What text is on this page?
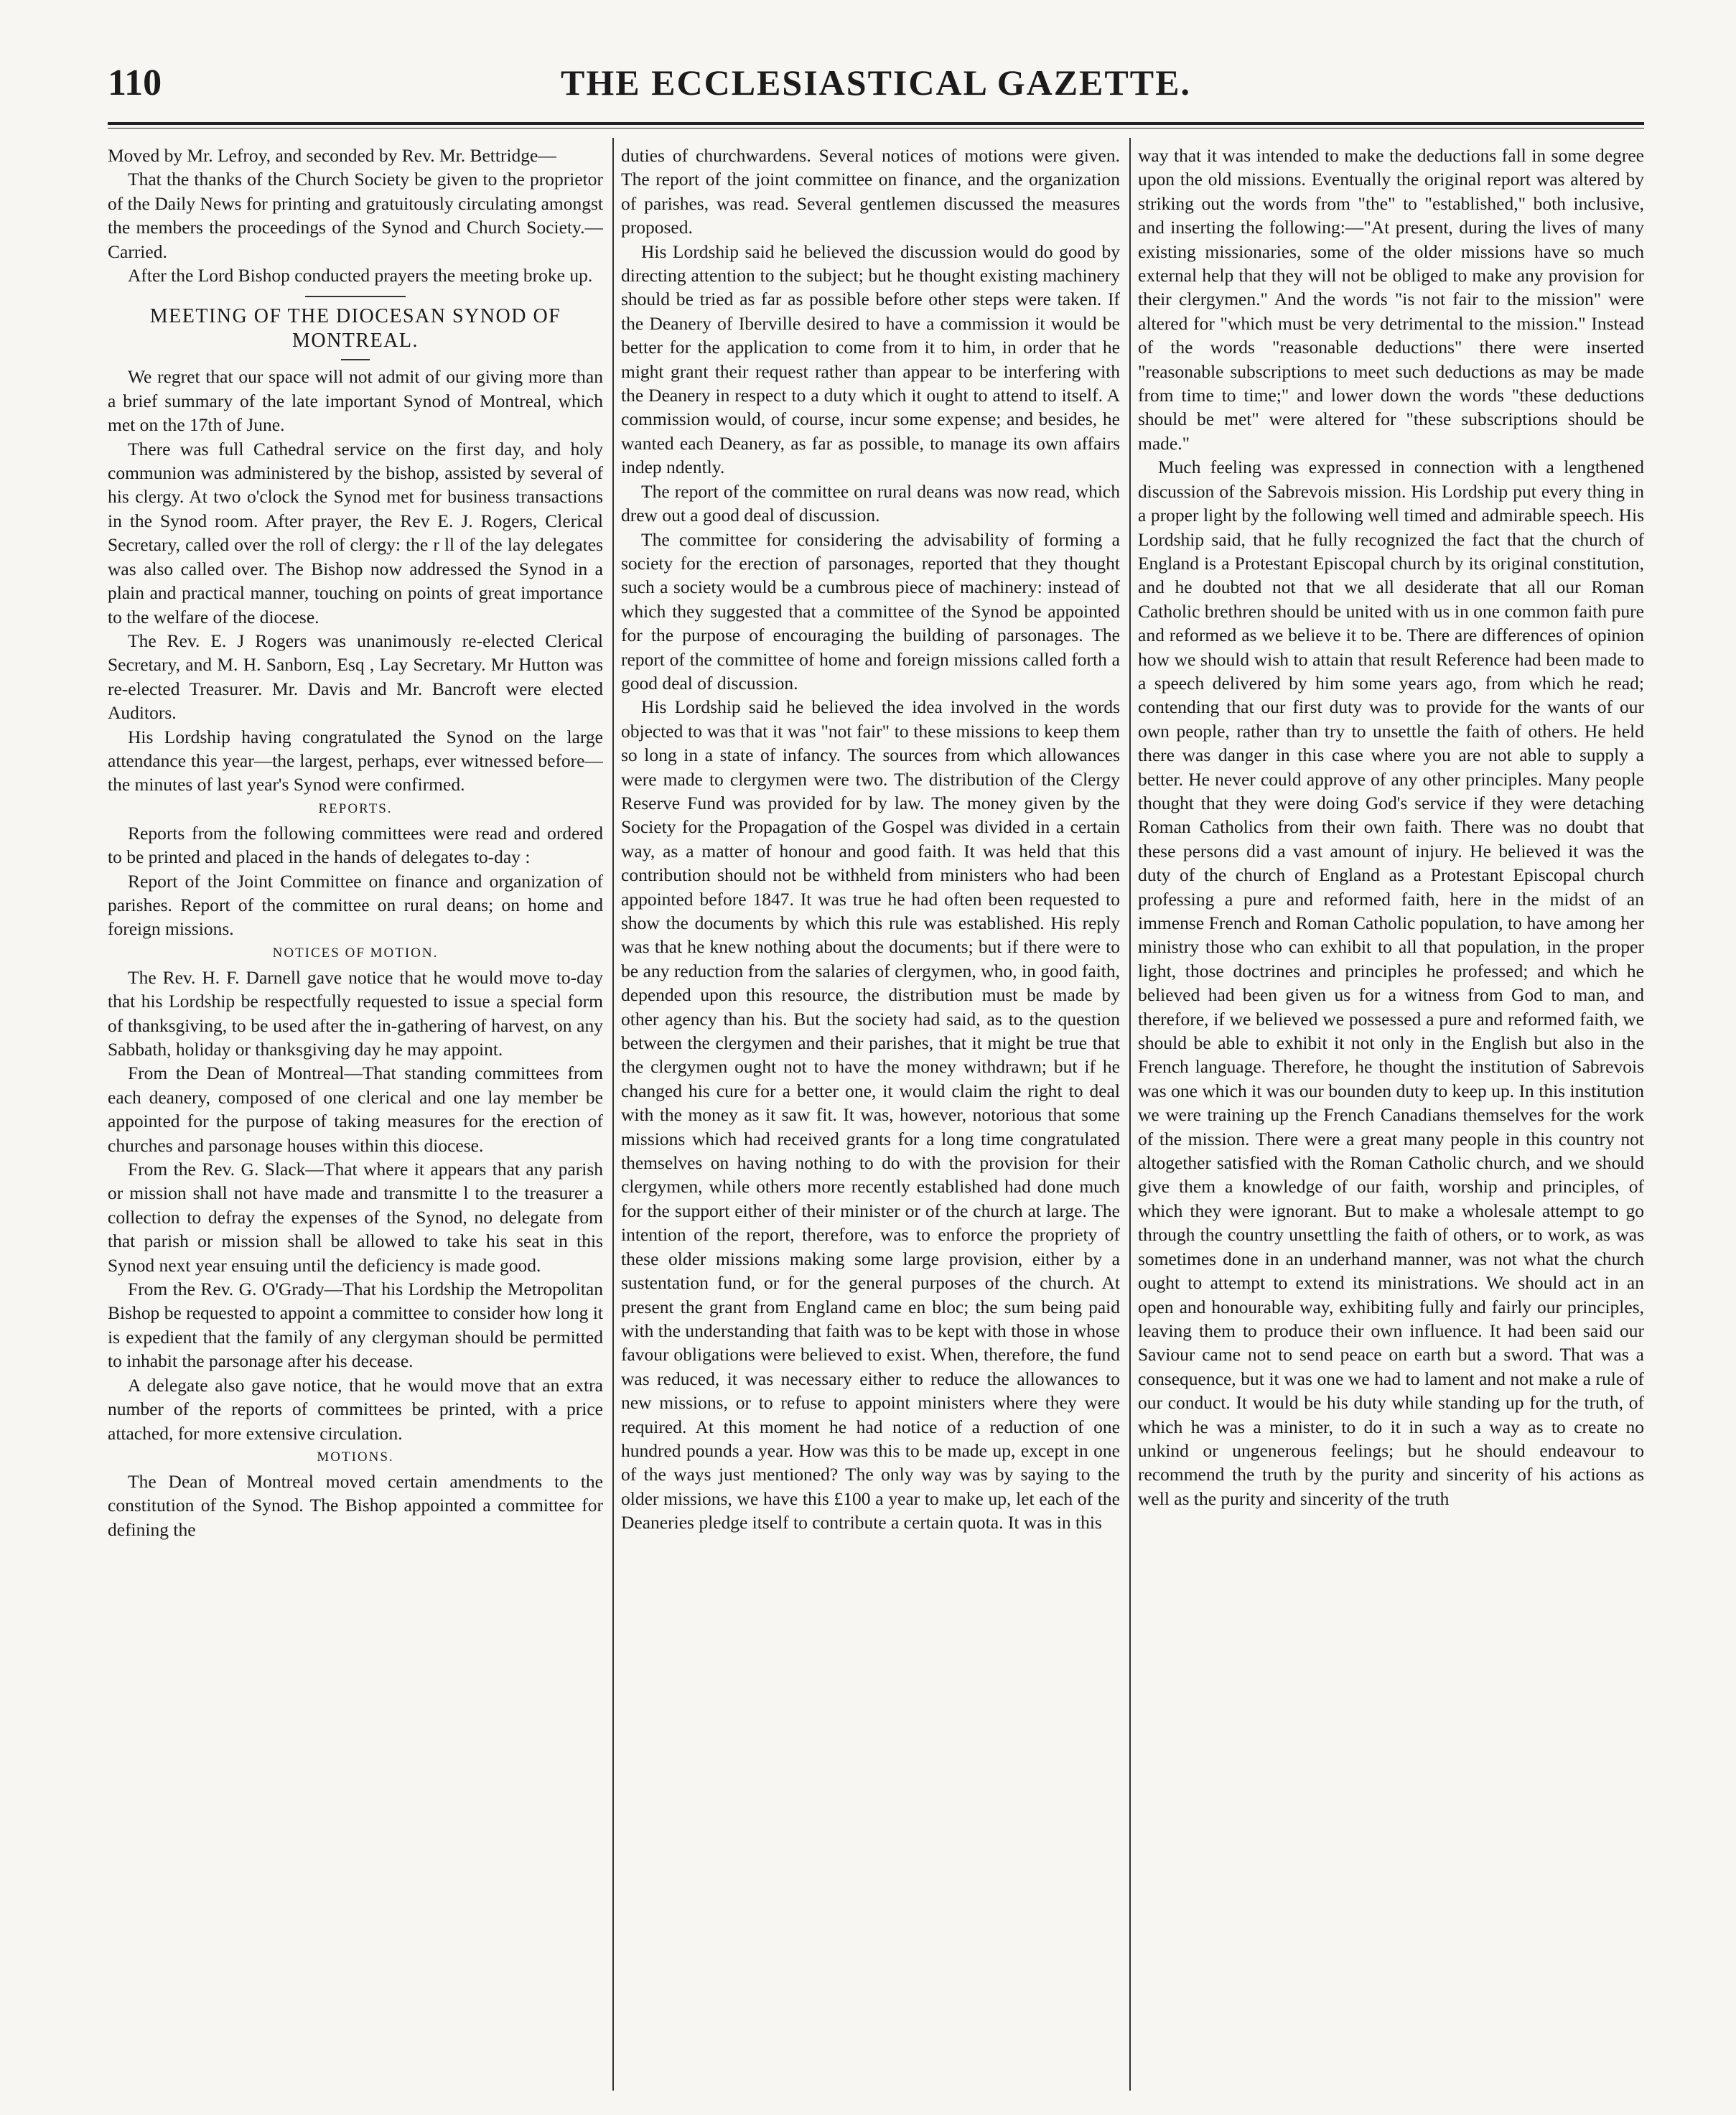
110	THE ECCLESIASTICAL GAZETTE.

Moved by Mr. Lefroy, and seconded by Rev. Mr. Bettridge—

That the thanks of the Church Society be given to the proprietor of the Daily News for printing and gratuitously circulating amongst the members the proceedings of the Synod and Church Society.—Carried.

After the Lord Bishop conducted prayers the meeting broke up.

MEETING OF THE DIOCESAN SYNOD OF MONTREAL.

We regret that our space will not admit of our giving more than a brief summary of the late important Synod of Montreal, which met on the 17th of June.

There was full Cathedral service on the first day, and holy communion was administered by the bishop, assisted by several of his clergy. At two o'clock the Synod met for business transactions in the Synod room. After prayer, the Rev E. J. Rogers, Clerical Secretary, called over the roll of clergy: the r ll of the lay delegates was also called over. The Bishop now addressed the Synod in a plain and practical manner, touching on points of great importance to the welfare of the diocese.

The Rev. E. J Rogers was unanimously re-elected Clerical Secretary, and M. H. Sanborn, Esq , Lay Secretary. Mr Hutton was re-elected Treasurer. Mr. Davis and Mr. Bancroft were elected Auditors.

His Lordship having congratulated the Synod on the large attendance this year—the largest, perhaps, ever witnessed before—the minutes of last year's Synod were confirmed.

REPORTS.

Reports from the following committees were read and ordered to be printed and placed in the hands of delegates to-day :

Report of the Joint Committee on finance and organization of parishes. Report of the committee on rural deans; on home and foreign missions.

NOTICES OF MOTION.

The Rev. H. F. Darnell gave notice that he would move to-day that his Lordship be respectfully requested to issue a special form of thanksgiving, to be used after the in-gathering of harvest, on any Sabbath, holiday or thanksgiving day he may appoint.

From the Dean of Montreal—That standing committees from each deanery, composed of one clerical and one lay member be appointed for the purpose of taking measures for the erection of churches and parsonage houses within this diocese.

From the Rev. G. Slack—That where it appears that any parish or mission shall not have made and transmitte l to the treasurer a collection to defray the expenses of the Synod, no delegate from that parish or mission shall be allowed to take his seat in this Synod next year ensuing until the deficiency is made good.

From the Rev. G. O'Grady—That his Lordship the Metropolitan Bishop be requested to appoint a committee to consider how long it is expedient that the family of any clergyman should be permitted to inhabit the parsonage after his decease.

A delegate also gave notice, that he would move that an extra number of the reports of committees be printed, with a price attached, for more extensive circulation.

MOTIONS.

The Dean of Montreal moved certain amendments to the constitution of the Synod. The Bishop appointed a committee for defining the

duties of churchwardens. Several notices of motions were given. The report of the joint committee on finance, and the organization of parishes, was read. Several gentlemen discussed the measures proposed.

His Lordship said he believed the discussion would do good by directing attention to the subject; but he thought existing machinery should be tried as far as possible before other steps were taken. If the Deanery of Iberville desired to have a commission it would be better for the application to come from it to him, in order that he might grant their request rather than appear to be interfering with the Deanery in respect to a duty which it ought to attend to itself. A commission would, of course, incur some expense; and besides, he wanted each Deanery, as far as possible, to manage its own affairs indep ndently.

The report of the committee on rural deans was now read, which drew out a good deal of discussion.

The committee for considering the advisability of forming a society for the erection of parsonages, reported that they thought such a society would be a cumbrous piece of machinery: instead of which they suggested that a committee of the Synod be appointed for the purpose of encouraging the building of parsonages. The report of the committee of home and foreign missions called forth a good deal of discussion.

His Lordship said he believed the idea involved in the words objected to was that it was "not fair" to these missions to keep them so long in a state of infancy. The sources from which allowances were made to clergymen were two. The distribution of the Clergy Reserve Fund was provided for by law. The money given by the Society for the Propagation of the Gospel was divided in a certain way, as a matter of honour and good faith. It was held that this contribution should not be withheld from ministers who had been appointed before 1847. It was true he had often been requested to show the documents by which this rule was established. His reply was that he knew nothing about the documents; but if there were to be any reduction from the salaries of clergymen, who, in good faith, depended upon this resource, the distribution must be made by other agency than his. But the society had said, as to the question between the clergymen and their parishes, that it might be true that the clergymen ought not to have the money withdrawn; but if he changed his cure for a better one, it would claim the right to deal with the money as it saw fit. It was, however, notorious that some missions which had received grants for a long time congratulated themselves on having nothing to do with the provision for their clergymen, while others more recently established had done much for the support either of their minister or of the church at large. The intention of the report, therefore, was to enforce the propriety of these older missions making some large provision, either by a sustentation fund, or for the general purposes of the church. At present the grant from England came en bloc; the sum being paid with the understanding that faith was to be kept with those in whose favour obligations were believed to exist. When, therefore, the fund was reduced, it was necessary either to reduce the allowances to new missions, or to refuse to appoint ministers where they were required. At this moment he had notice of a reduction of one hundred pounds a year. How was this to be made up, except in one of the ways just mentioned? The only way was by saying to the older missions, we have this £100 a year to make up, let each of the Deaneries pledge itself to contribute a certain quota. It was in this

way that it was intended to make the deductions fall in some degree upon the old missions. Eventually the original report was altered by striking out the words from "the" to "established," both inclusive, and inserting the following:—"At present, during the lives of many existing missionaries, some of the older missions have so much external help that they will not be obliged to make any provision for their clergymen." And the words "is not fair to the mission" were altered for "which must be very detrimental to the mission." Instead of the words "reasonable deductions" there were inserted "reasonable subscriptions to meet such deductions as may be made from time to time;" and lower down the words "these deductions should be met" were altered for "these subscriptions should be made."

Much feeling was expressed in connection with a lengthened discussion of the Sabrevois mission. His Lordship put every thing in a proper light by the following well timed and admirable speech. His Lordship said, that he fully recognized the fact that the church of England is a Protestant Episcopal church by its original constitution, and he doubted not that we all desiderate that all our Roman Catholic brethren should be united with us in one common faith pure and reformed as we believe it to be. There are differences of opinion how we should wish to attain that result Reference had been made to a speech delivered by him some years ago, from which he read; contending that our first duty was to provide for the wants of our own people, rather than try to unsettle the faith of others. He held there was danger in this case where you are not able to supply a better. He never could approve of any other principles. Many people thought that they were doing God's service if they were detaching Roman Catholics from their own faith. There was no doubt that these persons did a vast amount of injury. He believed it was the duty of the church of England as a Protestant Episcopal church professing a pure and reformed faith, here in the midst of an immense French and Roman Catholic population, to have among her ministry those who can exhibit to all that population, in the proper light, those doctrines and principles he professed; and which he believed had been given us for a witness from God to man, and therefore, if we believed we possessed a pure and reformed faith, we should be able to exhibit it not only in the English but also in the French language. Therefore, he thought the institution of Sabrevois was one which it was our bounden duty to keep up. In this institution we were training up the French Canadians themselves for the work of the mission. There were a great many people in this country not altogether satisfied with the Roman Catholic church, and we should give them a knowledge of our faith, worship and principles, of which they were ignorant. But to make a wholesale attempt to go through the country unsettling the faith of others, or to work, as was sometimes done in an underhand manner, was not what the church ought to attempt to extend its ministrations. We should act in an open and honourable way, exhibiting fully and fairly our principles, leaving them to produce their own influence. It had been said our Saviour came not to send peace on earth but a sword. That was a consequence, but it was one we had to lament and not make a rule of our conduct. It would be his duty while standing up for the truth, of which he was a minister, to do it in such a way as to create no unkind or ungenerous feelings; but he should endeavour to recommend the truth by the purity and sincerity of his actions as well as the purity and sincerity of the truth
